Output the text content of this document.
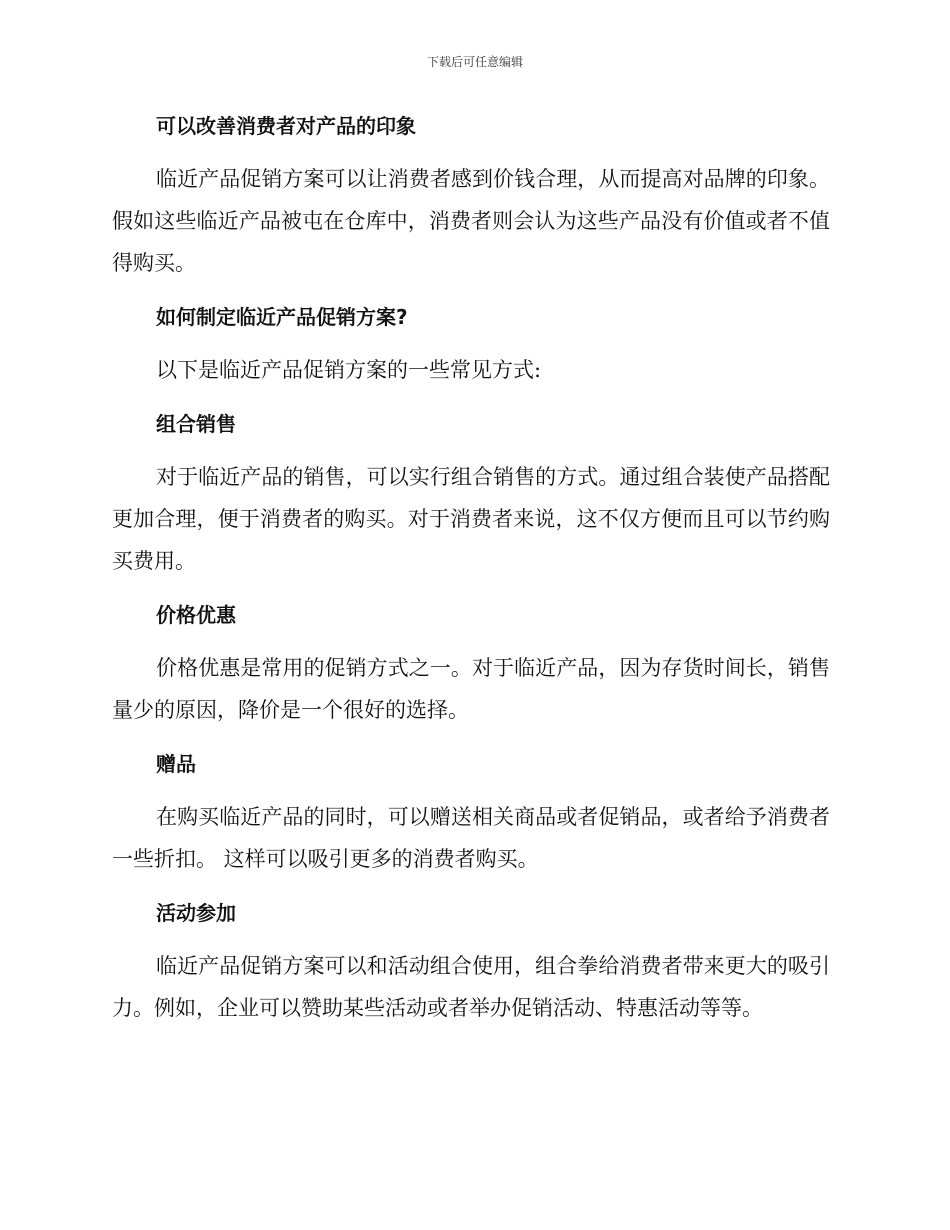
下载后可任意编辑
可以改善消费者对产品的印象

临近产品促销方案可以让消费者感到价钱合理，从而提高对品牌的印象。假如这些临近产品被屯在仓库中，消费者则会认为这些产品没有价值或者不值得购买。

如何制定临近产品促销方案?

以下是临近产品促销方案的一些常见方式:

组合销售

对于临近产品的销售，可以实行组合销售的方式。通过组合装使产品搭配更加合理，便于消费者的购买。对于消费者来说，这不仅方便而且可以节约购买费用。

价格优惠

价格优惠是常用的促销方式之一。对于临近产品，因为存货时间长，销售量少的原因，降价是一个很好的选择。

赠品

在购买临近产品的同时，可以赠送相关商品或者促销品，或者给予消费者一些折扣。 这样可以吸引更多的消费者购买。

活动参加

临近产品促销方案可以和活动组合使用，组合拳给消费者带来更大的吸引力。例如，企业可以赞助某些活动或者举办促销活动、特惠活动等等。
